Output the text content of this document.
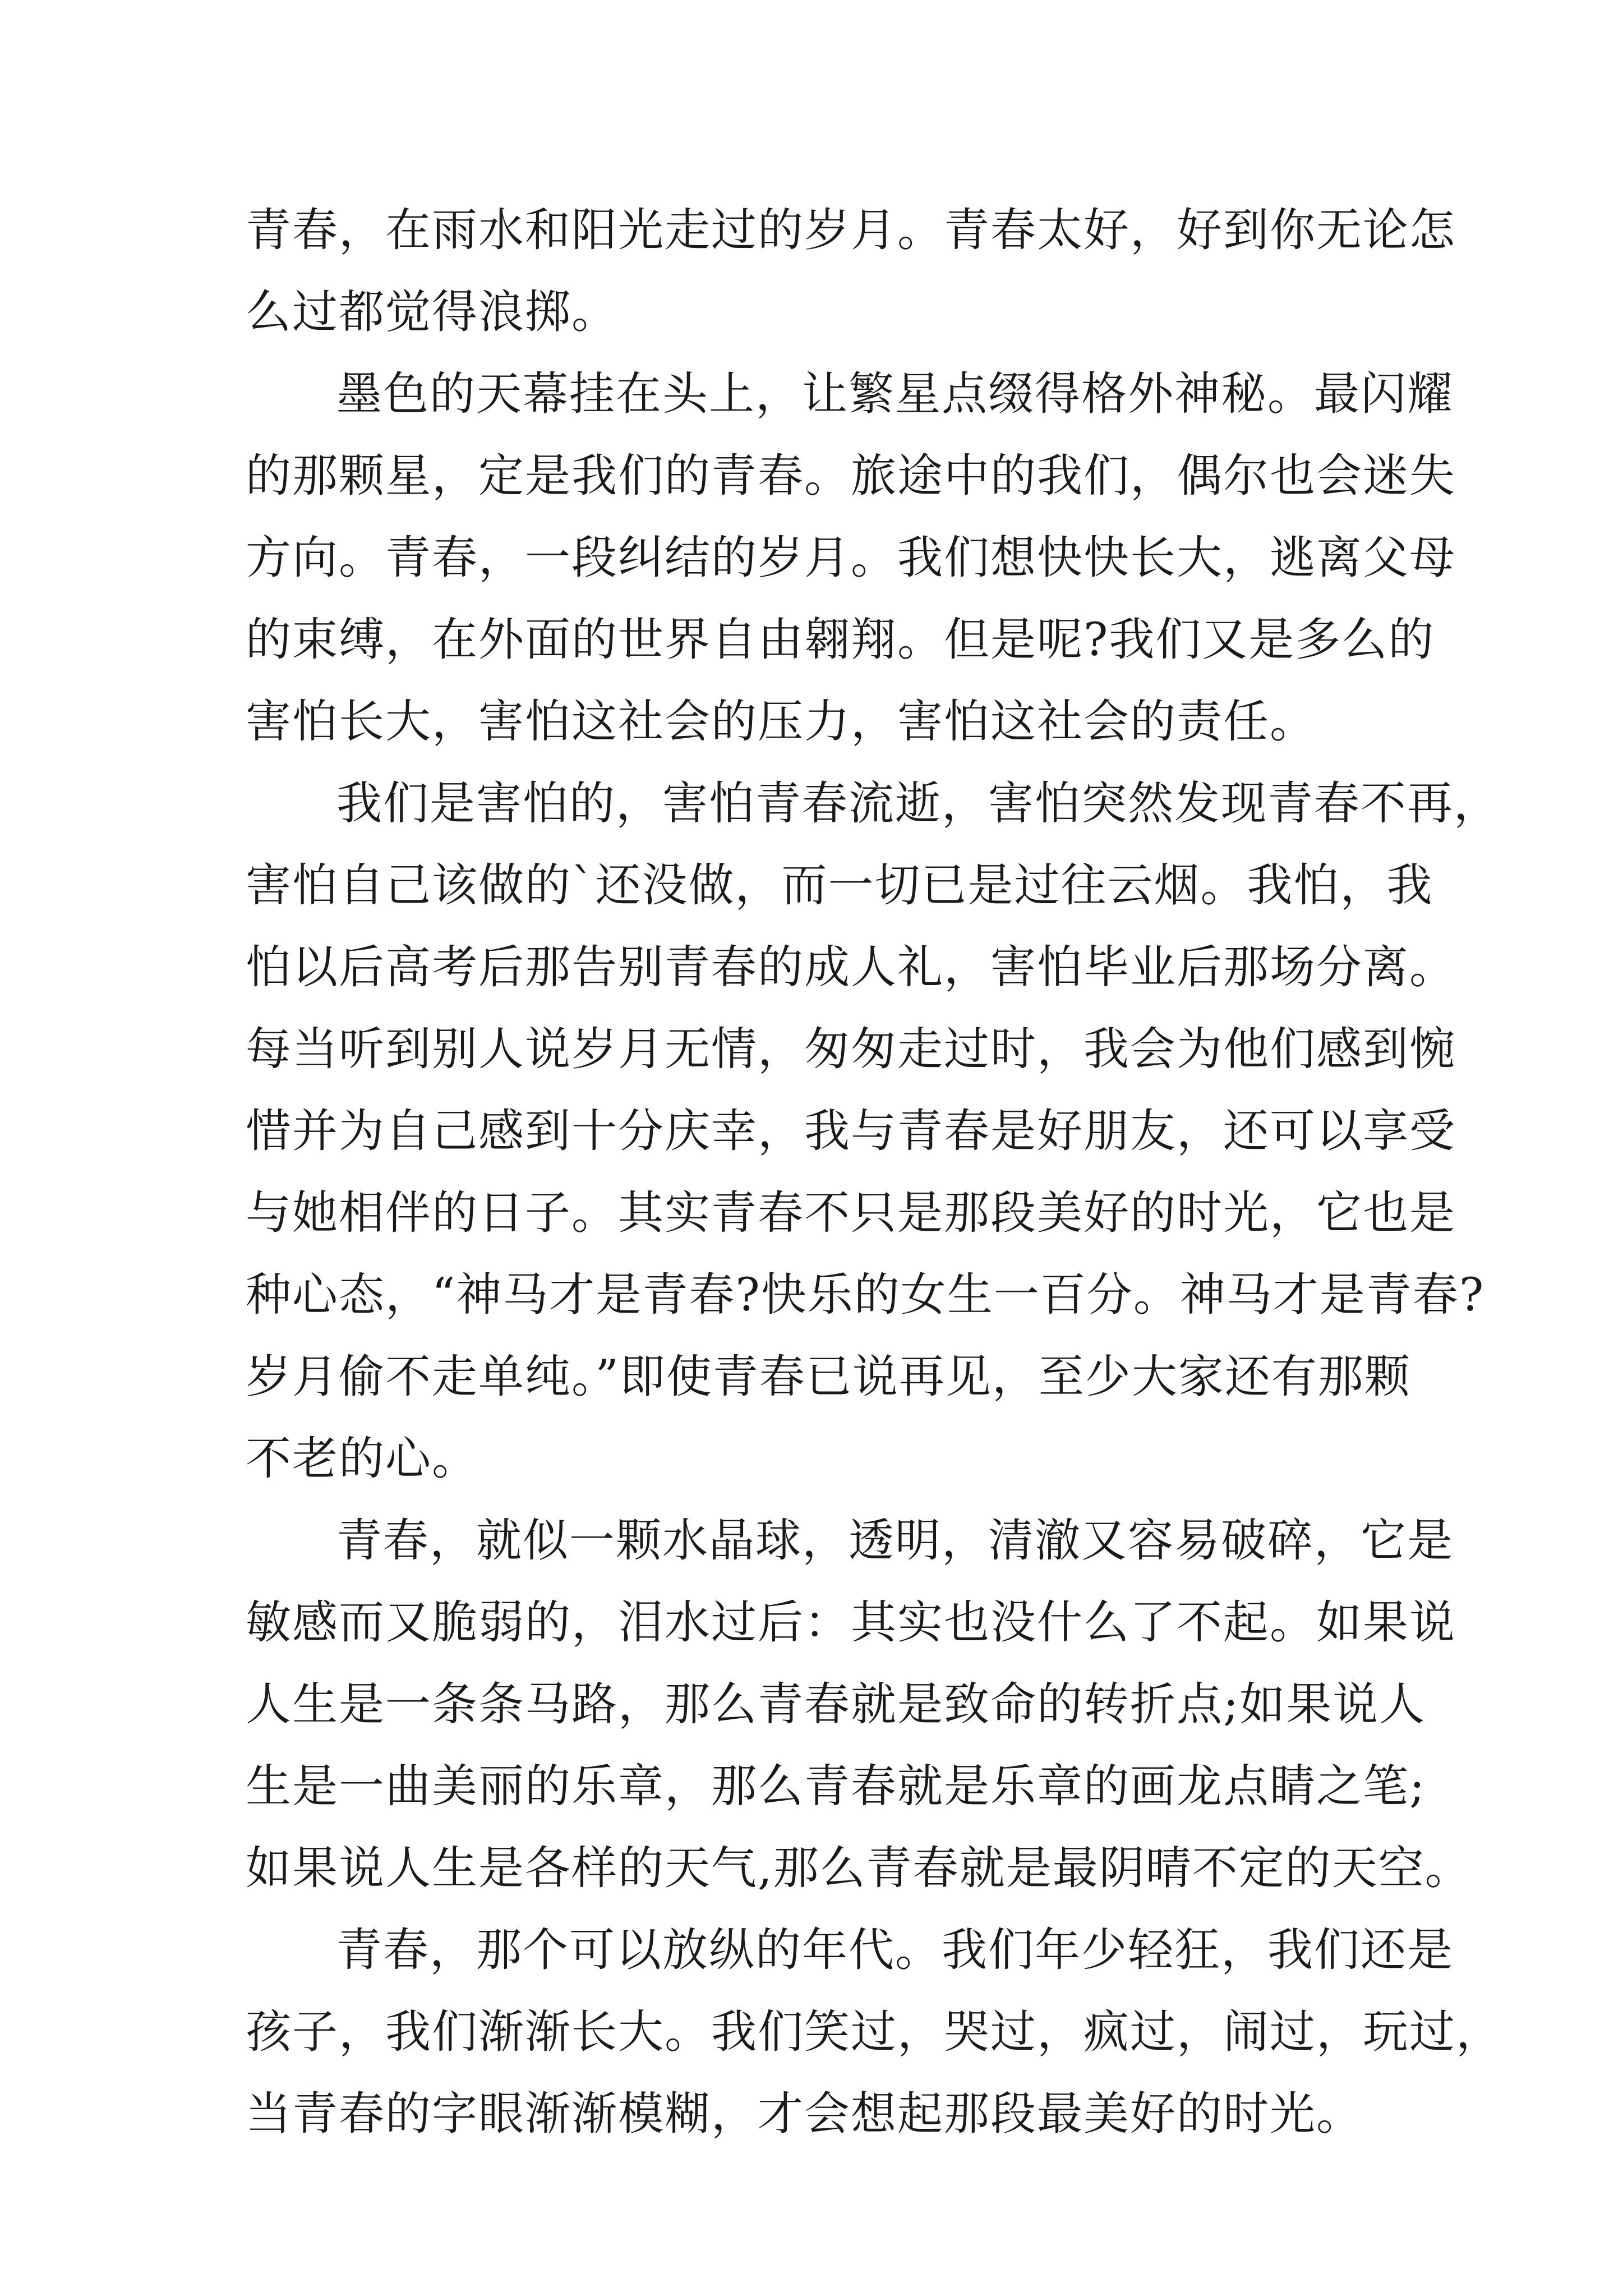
青春，在雨水和阳光走过的岁月。青春太好，好到你无论怎
么过都觉得浪掷。

墨色的天幕挂在头上，让繁星点缀得格外神秘。最闪耀
的那颗星，定是我们的青春。旅途中的我们，偶尔也会迷失
方向。青春，一段纠结的岁月。我们想快快长大，逃离父母
的束缚，在外面的世界自由翱翔。但是呢?我们又是多么的
害怕长大，害怕这社会的压力，害怕这社会的责任。

我们是害怕的，害怕青春流逝，害怕突然发现青春不再，
害怕自己该做的`还没做，而一切已是过往云烟。我怕，我
怕以后高考后那告别青春的成人礼，害怕毕业后那场分离。
每当听到别人说岁月无情，匆匆走过时，我会为他们感到惋
惜并为自己感到十分庆幸，我与青春是好朋友，还可以享受
与她相伴的日子。其实青春不只是那段美好的时光，它也是
种心态，“神马才是青春?快乐的女生一百分。神马才是青春?
岁月偷不走单纯。”即使青春已说再见，至少大家还有那颗
不老的心。

青春，就似一颗水晶球，透明，清澈又容易破碎，它是
敏感而又脆弱的，泪水过后：其实也没什么了不起。如果说
人生是一条条马路，那么青春就是致命的转折点;如果说人
生是一曲美丽的乐章，那么青春就是乐章的画龙点睛之笔;
如果说人生是各样的天气,那么青春就是最阴晴不定的天空。

青春，那个可以放纵的年代。我们年少轻狂，我们还是
孩子，我们渐渐长大。我们笑过，哭过，疯过，闹过，玩过，
当青春的字眼渐渐模糊，才会想起那段最美好的时光。
